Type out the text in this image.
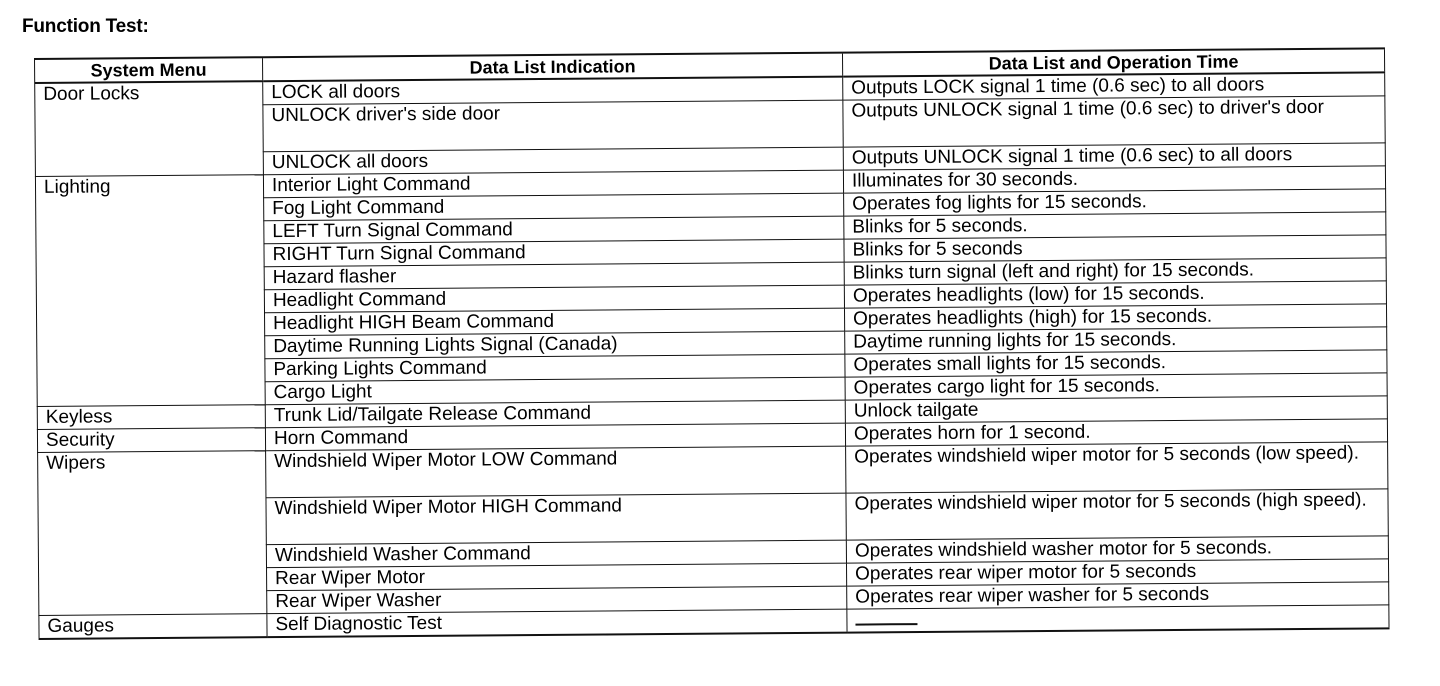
Function Test:
System Menu	Data List Indication	Data List and Operation Time
Door Locks	LOCK all doors	Outputs LOCK signal 1 time (0.6 sec) to all doors
	UNLOCK driver's side door	Outputs UNLOCK signal 1 time (0.6 sec) to driver's door
	UNLOCK all doors	Outputs UNLOCK signal 1 time (0.6 sec) to all doors
Lighting	Interior Light Command	Illuminates for 30 seconds.
	Fog Light Command	Operates fog lights for 15 seconds.
	LEFT Turn Signal Command	Blinks for 5 seconds.
	RIGHT Turn Signal Command	Blinks for 5 seconds
	Hazard flasher	Blinks turn signal (left and right) for 15 seconds.
	Headlight Command	Operates headlights (low) for 15 seconds.
	Headlight HIGH Beam Command	Operates headlights (high) for 15 seconds.
	Daytime Running Lights Signal (Canada)	Daytime running lights for 15 seconds.
	Parking Lights Command	Operates small lights for 15 seconds.
	Cargo Light	Operates cargo light for 15 seconds.
Keyless	Trunk Lid/Tailgate Release Command	Unlock tailgate
Security	Horn Command	Operates horn for 1 second.
Wipers	Windshield Wiper Motor LOW Command	Operates windshield wiper motor for 5 seconds (low speed).
	Windshield Wiper Motor HIGH Command	Operates windshield wiper motor for 5 seconds (high speed).
	Windshield Washer Command	Operates windshield washer motor for 5 seconds.
	Rear Wiper Motor	Operates rear wiper motor for 5 seconds
	Rear Wiper Washer	Operates rear wiper washer for 5 seconds
Gauges	Self Diagnostic Test	
